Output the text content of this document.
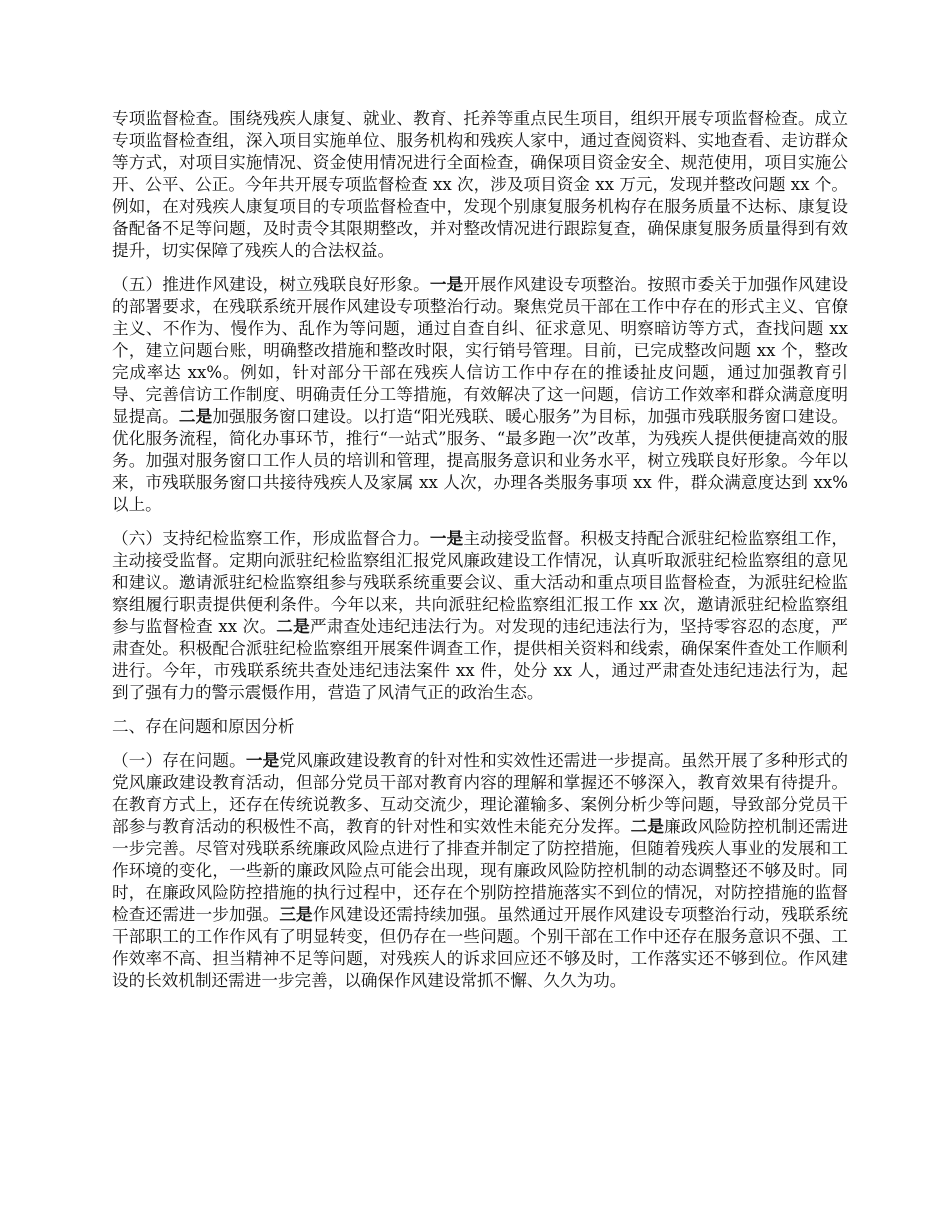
专项监督检查。围绕残疾人康复、就业、教育、托养等重点民生项目，组织开展专项监督检查。成立专项监督检查组，深入项目实施单位、服务机构和残疾人家中，通过查阅资料、实地查看、走访群众等方式，对项目实施情况、资金使用情况进行全面检查，确保项目资金安全、规范使用，项目实施公开、公平、公正。今年共开展专项监督检查 xx 次，涉及项目资金 xx 万元，发现并整改问题 xx 个。例如，在对残疾人康复项目的专项监督检查中，发现个别康复服务机构存在服务质量不达标、康复设备配备不足等问题，及时责令其限期整改，并对整改情况进行跟踪复查，确保康复服务质量得到有效提升，切实保障了残疾人的合法权益。

（五）推进作风建设，树立残联良好形象。一是开展作风建设专项整治。按照市委关于加强作风建设的部署要求，在残联系统开展作风建设专项整治行动。聚焦党员干部在工作中存在的形式主义、官僚主义、不作为、慢作为、乱作为等问题，通过自查自纠、征求意见、明察暗访等方式，查找问题 xx 个，建立问题台账，明确整改措施和整改时限，实行销号管理。目前，已完成整改问题 xx 个，整改完成率达 xx%。例如，针对部分干部在残疾人信访工作中存在的推诿扯皮问题，通过加强教育引导、完善信访工作制度、明确责任分工等措施，有效解决了这一问题，信访工作效率和群众满意度明显提高。二是加强服务窗口建设。以打造“阳光残联、暖心服务”为目标，加强市残联服务窗口建设。优化服务流程，简化办事环节，推行“一站式”服务、“最多跑一次”改革，为残疾人提供便捷高效的服务。加强对服务窗口工作人员的培训和管理，提高服务意识和业务水平，树立残联良好形象。今年以来，市残联服务窗口共接待残疾人及家属 xx 人次，办理各类服务事项 xx 件，群众满意度达到 xx%以上。

（六）支持纪检监察工作，形成监督合力。一是主动接受监督。积极支持配合派驻纪检监察组工作，主动接受监督。定期向派驻纪检监察组汇报党风廉政建设工作情况，认真听取派驻纪检监察组的意见和建议。邀请派驻纪检监察组参与残联系统重要会议、重大活动和重点项目监督检查，为派驻纪检监察组履行职责提供便利条件。今年以来，共向派驻纪检监察组汇报工作 xx 次，邀请派驻纪检监察组参与监督检查 xx 次。二是严肃查处违纪违法行为。对发现的违纪违法行为，坚持零容忍的态度，严肃查处。积极配合派驻纪检监察组开展案件调查工作，提供相关资料和线索，确保案件查处工作顺利进行。今年，市残联系统共查处违纪违法案件 xx 件，处分 xx 人，通过严肃查处违纪违法行为，起到了强有力的警示震慑作用，营造了风清气正的政治生态。

二、存在问题和原因分析

（一）存在问题。一是党风廉政建设教育的针对性和实效性还需进一步提高。虽然开展了多种形式的党风廉政建设教育活动，但部分党员干部对教育内容的理解和掌握还不够深入，教育效果有待提升。在教育方式上，还存在传统说教多、互动交流少，理论灌输多、案例分析少等问题，导致部分党员干部参与教育活动的积极性不高，教育的针对性和实效性未能充分发挥。二是廉政风险防控机制还需进一步完善。尽管对残联系统廉政风险点进行了排查并制定了防控措施，但随着残疾人事业的发展和工作环境的变化，一些新的廉政风险点可能会出现，现有廉政风险防控机制的动态调整还不够及时。同时，在廉政风险防控措施的执行过程中，还存在个别防控措施落实不到位的情况，对防控措施的监督检查还需进一步加强。三是作风建设还需持续加强。虽然通过开展作风建设专项整治行动，残联系统干部职工的工作作风有了明显转变，但仍存在一些问题。个别干部在工作中还存在服务意识不强、工作效率不高、担当精神不足等问题，对残疾人的诉求回应还不够及时，工作落实还不够到位。作风建设的长效机制还需进一步完善，以确保作风建设常抓不懈、久久为功。
